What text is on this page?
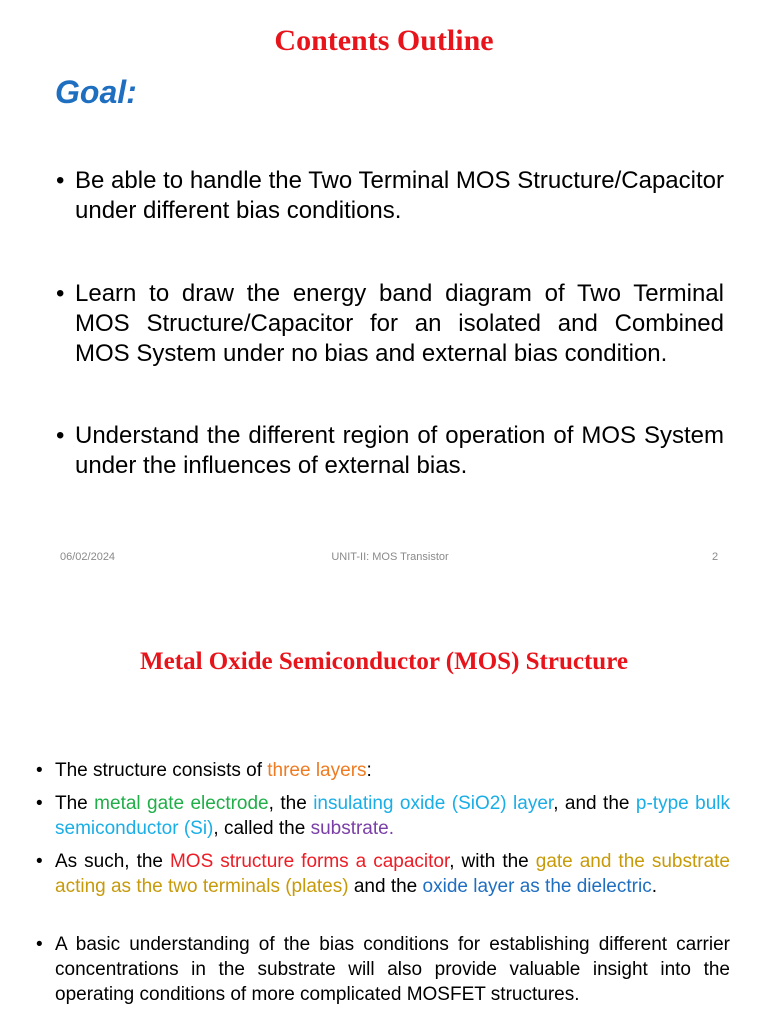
Contents Outline
Goal:
• Be able to handle the Two Terminal MOS Structure/Capacitor under different bias conditions.
• Learn to draw the energy band diagram of Two Terminal MOS Structure/Capacitor for an isolated and Combined MOS System under no bias and external bias condition.
• Understand the different region of operation of MOS System under the influences of external bias.
06/02/2024	UNIT-II: MOS Transistor	2
Metal Oxide Semiconductor (MOS) Structure
• The structure consists of three layers:
• The metal gate electrode, the insulating oxide (SiO2) layer, and the p-type bulk semiconductor (Si), called the substrate.
• As such, the MOS structure forms a capacitor, with the gate and the substrate acting as the two terminals (plates) and the oxide layer as the dielectric.
• A basic understanding of the bias conditions for establishing different carrier concentrations in the substrate will also provide valuable insight into the operating conditions of more complicated MOSFET structures.
